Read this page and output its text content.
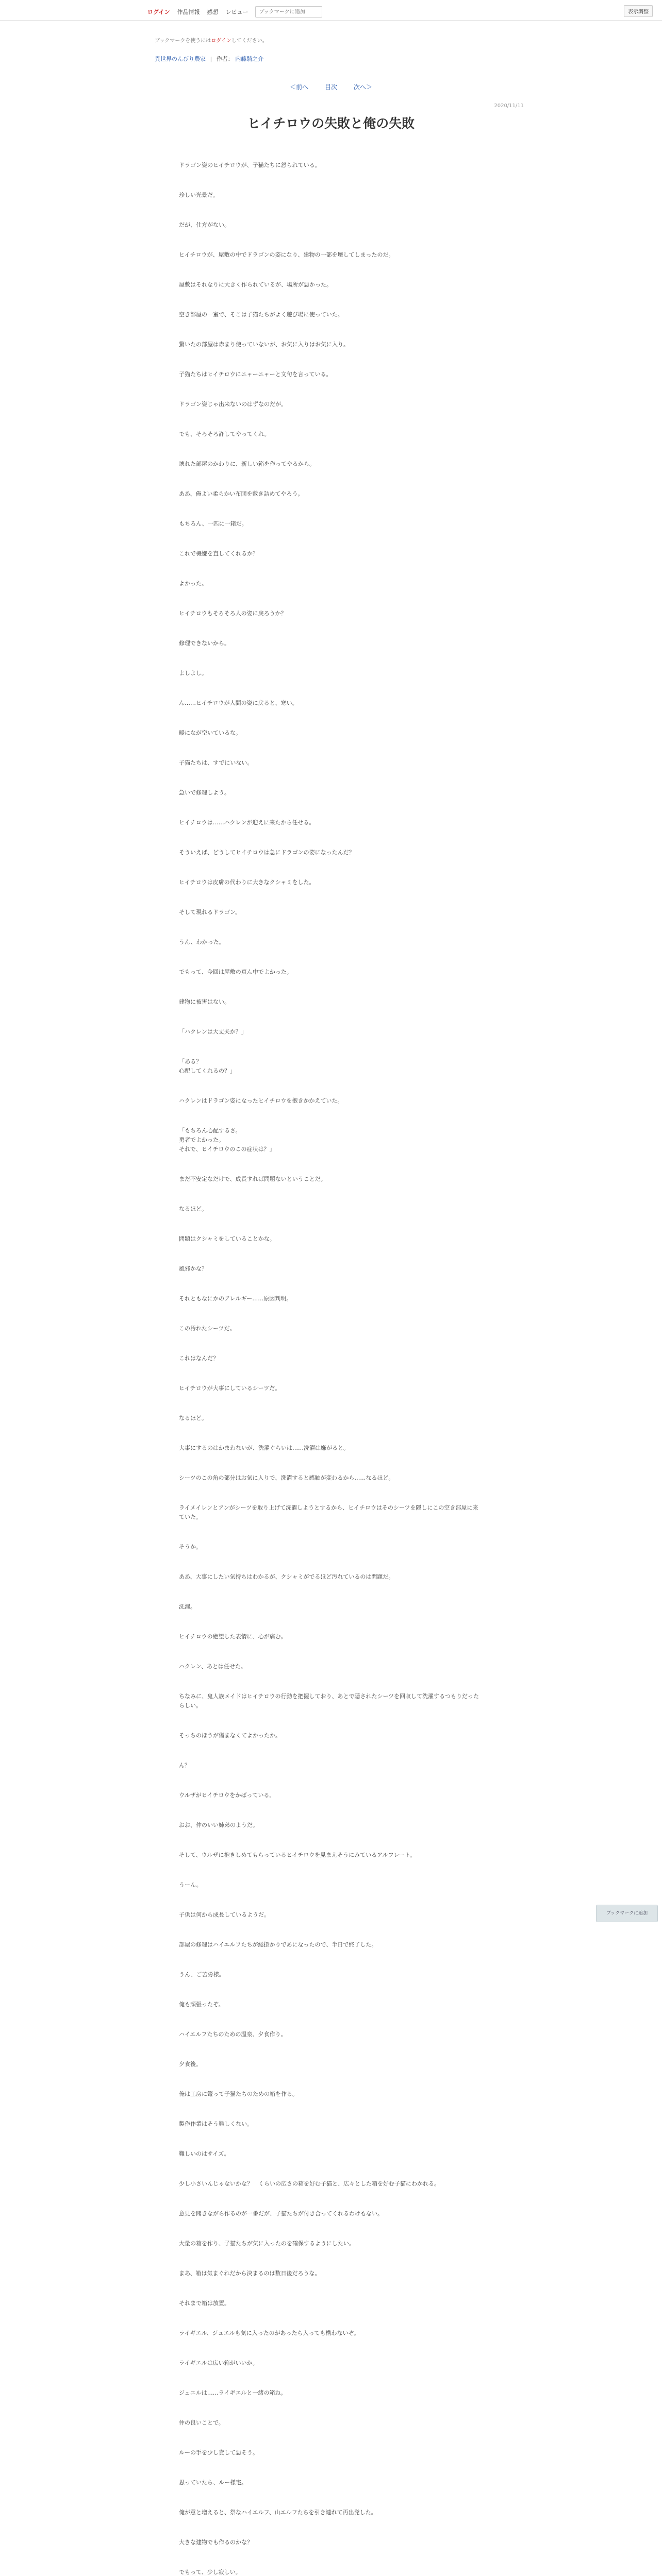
ログイン 作品情報 感想 レビュー
ブックマークに追加	表示調整
ブックマークを使うにはログインしてください。
異世界のんびり農家 | 作者： 内藤騎之介
＜前へ	目次	次へ＞
2020/11/11
ヒイチロウの失敗と俺の失敗

ドラゴン姿のヒイチロウが、子猫たちに怒られている。

珍しい光景だ。

だが、仕方がない。

ヒイチロウが、屋敷の中でドラゴンの姿になり、建物の一部を壊してしまったのだ。

屋敷はそれなりに大きく作られているが、場所が悪かった。

空き部屋の一室で、そこは子猫たちがよく遊び場に使っていた。

驚いたの部屋は赤まり使っていないが、お気に入りはお気に入り。

子猫たちはヒイチロウにニャーニャーと文句を言っている。

ドラゴン姿じゃ出来ないのはずなのだが。

でも、そろそろ許してやってくれ。

壊れた部屋のかわりに、新しい箱を作ってやるから。

ああ、俺よい柔らかい布団を敷き詰めてやろう。

もちろん、一匹に一箱だ。

これで機嫌を直してくれるか？

よかった。

ヒイチロウもそろそろ人の姿に戻ろうか？

修理できないから。

よしよし。

ん……ヒイチロウが人間の姿に戻ると、寒い。

暖になが空いているな。

子猫たちは、すでにいない。

急いで修理しよう。

ヒイチロウは……ハクレンが迎えに来たから任せる。

そういえば、どうしてヒイチロウは急にドラゴンの姿になったんだ？

ヒイチロウは皮膚の代わりに大きなクシャミをした。

そして現れるドラゴン。

うん、わかった。

でもって、今回は屋敷の真ん中でよかった。

建物に被害はない。

「ハクレンは大丈夫か？」

「ある？
心配してくれるの？」

ハクレンはドラゴン姿になったヒイチロウを抱きかかえていた。

「もちろん心配するさ。
勇者でよかった。
それで、ヒイチロウのこの症状は？」

まだ不安定なだけで、成長すれば問題ないということだ。

なるほど。

問題はクシャミをしていることかな。

風邪かな？

それともなにかのアレルギー……原因判明。

この汚れたシーツだ。

これはなんだ？

ヒイチロウが大事にしているシーツだ。

なるほど。

大事にするのはかまわないが、洗濯ぐらいは……洗濯は嫌がると。

シーツのこの角の部分はお気に入りで、洗濯すると感触が変わるから……なるほど。

ライメイレンとアンがシーツを取り上げて洗濯しようとするから、ヒイチロウはそのシーツを隠しにこの空き部屋に来ていた。

そうか。

ああ、大事にしたい気持ちはわかるが、クシャミがでるほど汚れているのは問題だ。

洗濯。

ヒイチロウの絶望した表情に、心が痛む。

ハクレン、あとは任せた。

ちなみに、鬼人族メイドはヒイチロウの行動を把握しており、あとで隠されたシーツを回収して洗濯するつもりだったらしい。

そっちのほうが傷まなくてよかったか。

ん？

ウルザがヒイチロウをかばっている。

おお、仲のいい姉弟のようだ。

そして、ウルザに抱きしめてもらっているヒイチロウを見まえそうにみているアルフレート。

うーん。

子供は何から成長しているようだ。

部屋の修理はハイエルフたちが総掛かりであになったので、半日で終了した。

うん、ご苦労様。

俺も頑張ったぞ。

ハイエルフたちのための温泉、夕食作り。

夕食後。

俺は工房に篭って子猫たちのための箱を作る。

製作作業はそう難しくない。

難しいのはサイズ。

少し小さいんじゃないかな？　くらいの広さの箱を好む子猫と、広々とした箱を好む子猫にわかれる。

意見を聞きながら作るのが一番だが、子猫たちが付き合ってくれるわけもない。

大量の箱を作り、子猫たちが気に入ったのを確保するようにしたい。

まあ、箱は気まぐれだから決まるのは数日後だろうな。

それまで箱は放置。

ライギエル、ジュエルも気に入ったのがあったら入っても構わないぞ。

ライギエルは広い箱がいいか。

ジュエルは……ライギエルと一緒の箱ね。

仲の良いことで。

ルーの手を少し貸して悪そう。

思っていたら、ルー様宅。

俺が意と増えると、祭なハイエルフ、山エルフたちを引き連れて再出発した。

大きな建物でも作るのかな？

でもって、少し寂しい。

ブックマークに追加
